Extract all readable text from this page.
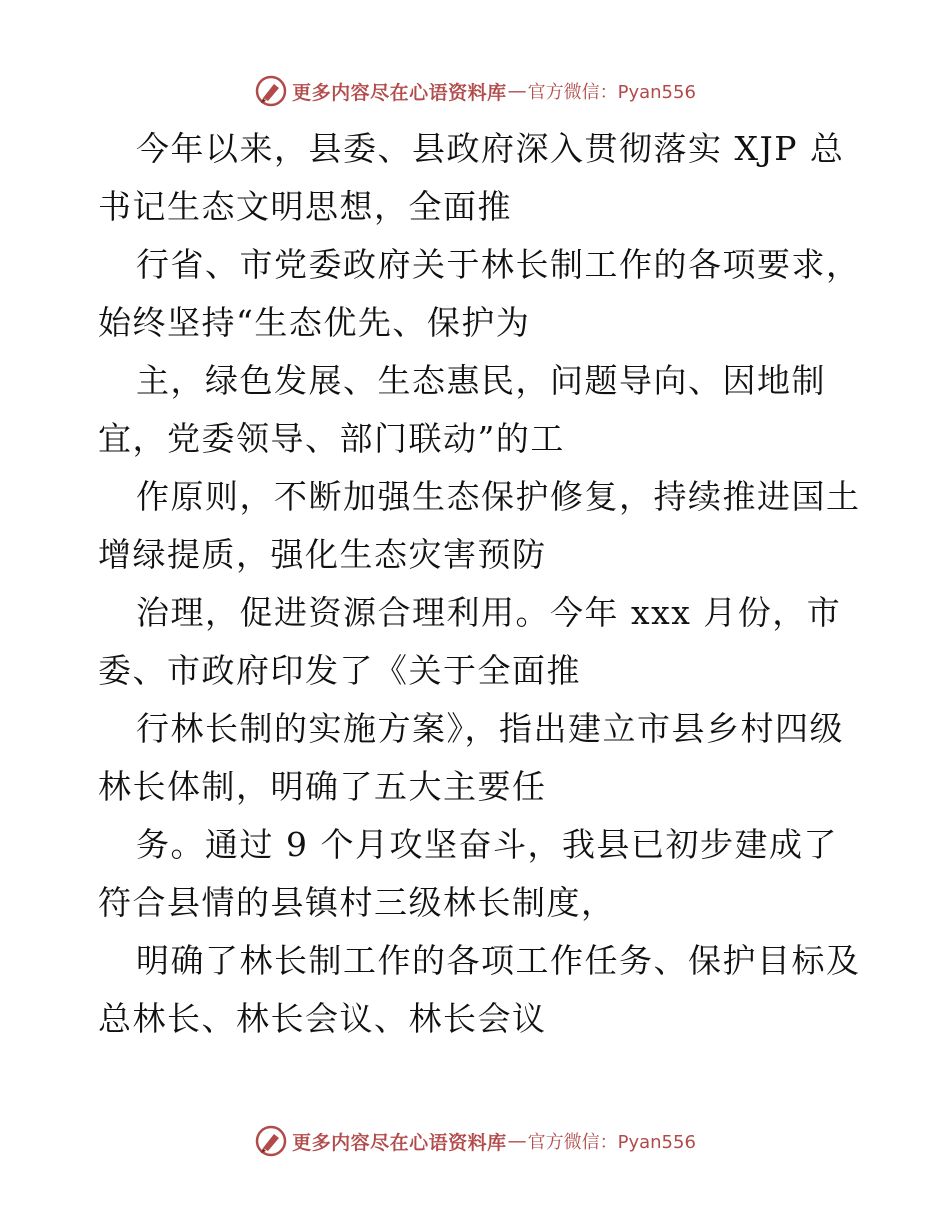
更多内容尽在心语资料库 — 官方微信：Pyan556
今年以来，县委、县政府深入贯彻落实 XJP 总
书记生态文明思想，全面推
行省、市党委政府关于林长制工作的各项要求，
始终坚持“生态优先、保护为
主，绿色发展、生态惠民，问题导向、因地制
宜，党委领导、部门联动”的工
作原则，不断加强生态保护修复，持续推进国土
增绿提质，强化生态灾害预防
治理，促进资源合理利用。今年 xxx 月份，市
委、市政府印发了《关于全面推
行林长制的实施方案》，指出建立市县乡村四级
林长体制，明确了五大主要任
务。通过 9 个月攻坚奋斗，我县已初步建成了
符合县情的县镇村三级林长制度，
明确了林长制工作的各项工作任务、保护目标及
总林长、林长会议、林长会议
更多内容尽在心语资料库 — 官方微信：Pyan556
